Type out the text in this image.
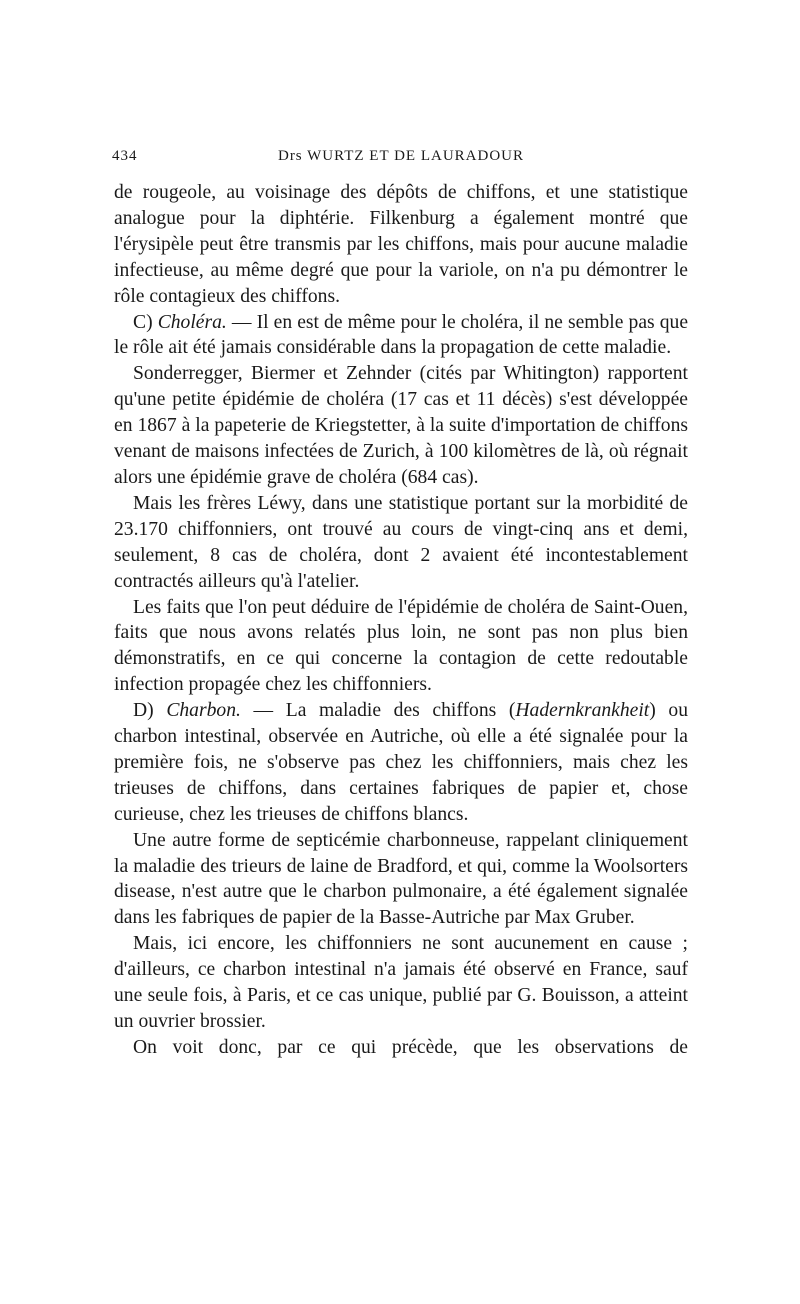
434	Drs WURTZ ET DE LAURADOUR

de rougeole, au voisinage des dépôts de chiffons, et une statistique analogue pour la diphtérie. Filkenburg a également montré que l'érysipèle peut être transmis par les chiffons, mais pour aucune maladie infectieuse, au même degré que pour la variole, on n'a pu démontrer le rôle contagieux des chiffons.

C) Choléra. — Il en est de même pour le choléra, il ne semble pas que le rôle ait été jamais considérable dans la propagation de cette maladie.

Sonderregger, Biermer et Zehnder (cités par Whitington) rapportent qu'une petite épidémie de choléra (17 cas et 11 décès) s'est développée en 1867 à la papeterie de Kriegstetter, à la suite d'importation de chiffons venant de maisons infectées de Zurich, à 100 kilomètres de là, où régnait alors une épidémie grave de choléra (684 cas).

Mais les frères Léwy, dans une statistique portant sur la morbidité de 23.170 chiffonniers, ont trouvé au cours de vingt-cinq ans et demi, seulement, 8 cas de choléra, dont 2 avaient été incontestablement contractés ailleurs qu'à l'atelier.

Les faits que l'on peut déduire de l'épidémie de choléra de Saint-Ouen, faits que nous avons relatés plus loin, ne sont pas non plus bien démonstratifs, en ce qui concerne la contagion de cette redoutable infection propagée chez les chiffonniers.

D) Charbon. — La maladie des chiffons (Hadernkrankheit) ou charbon intestinal, observée en Autriche, où elle a été signalée pour la première fois, ne s'observe pas chez les chiffonniers, mais chez les trieuses de chiffons, dans certaines fabriques de papier et, chose curieuse, chez les trieuses de chiffons blancs.

Une autre forme de septicémie charbonneuse, rappelant cliniquement la maladie des trieurs de laine de Bradford, et qui, comme la Woolsorters disease, n'est autre que le charbon pulmonaire, a été également signalée dans les fabriques de papier de la Basse-Autriche par Max Gruber.

Mais, ici encore, les chiffonniers ne sont aucunement en cause ; d'ailleurs, ce charbon intestinal n'a jamais été observé en France, sauf une seule fois, à Paris, et ce cas unique, publié par G. Bouisson, a atteint un ouvrier brossier.

On voit donc, par ce qui précède, que les observations de
